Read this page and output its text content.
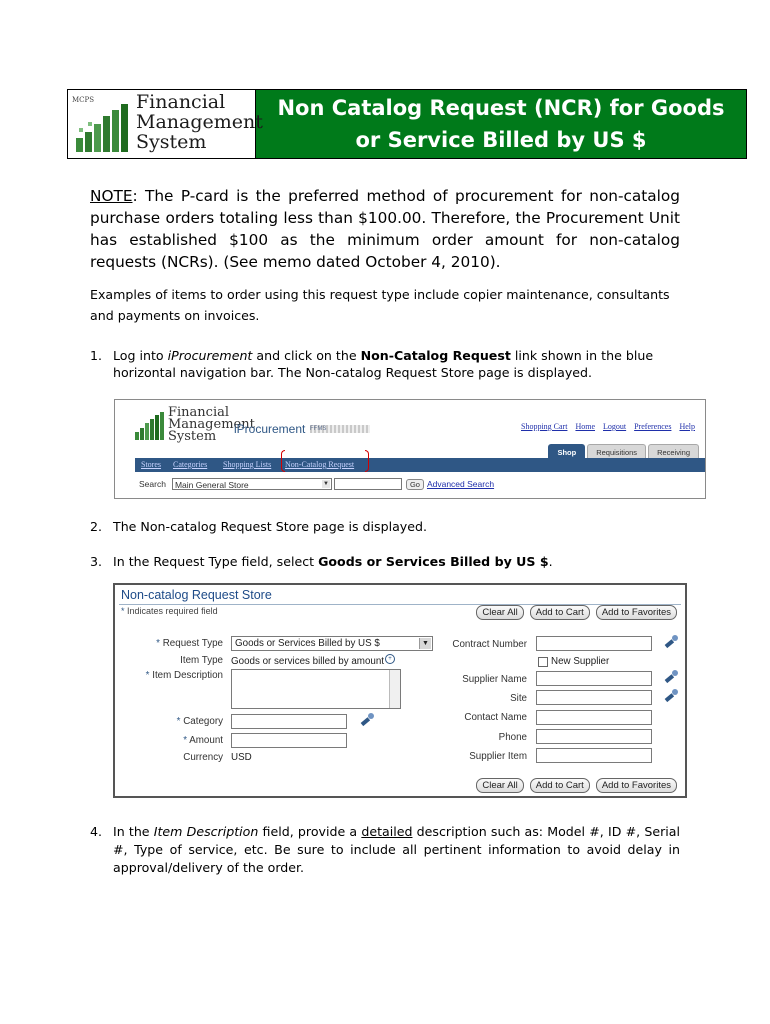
MCPS	Financial
Management
System
Non Catalog Request (NCR) for Goods or Service Billed by US $
NOTE: The P-card is the preferred method of procurement for non-catalog purchase orders totaling less than $100.00. Therefore, the Procurement Unit has established $100 as the minimum order amount for non-catalog requests (NCRs). (See memo dated October 4, 2010).
Examples of items to order using this request type include copier maintenance, consultants and payments on invoices.
1. Log into iProcurement and click on the Non-Catalog Request link shown in the blue horizontal navigation bar. The Non-catalog Request Store page is displayed.
Financial
Management
System	iProcurement FFMS	Shopping Cart Home Logout Preferences Help
Shop	Requisitions	Receiving
Stores Categories Shopping Lists Non-Catalog Request
Search	Main General Store	▼	Go Advanced Search
2. The Non-catalog Request Store page is displayed.
3. In the Request Type field, select Goods or Services Billed by US $.
Non-catalog Request Store
* Indicates required field	Clear All	Add to Cart	Add to Favorites
* Request Type	Goods or Services Billed by US $	▼
Item Type Goods or services billed by amount +
* Item Description
* Category
* Amount
Currency USD
Contract Number
New Supplier
Supplier Name
Site
Contact Name
Phone
Supplier Item
Clear All	Add to Cart	Add to Favorites
4. In the Item Description field, provide a detailed description such as: Model #, ID #, Serial #, Type of service, etc. Be sure to include all pertinent information to avoid delay in approval/delivery of the order.
